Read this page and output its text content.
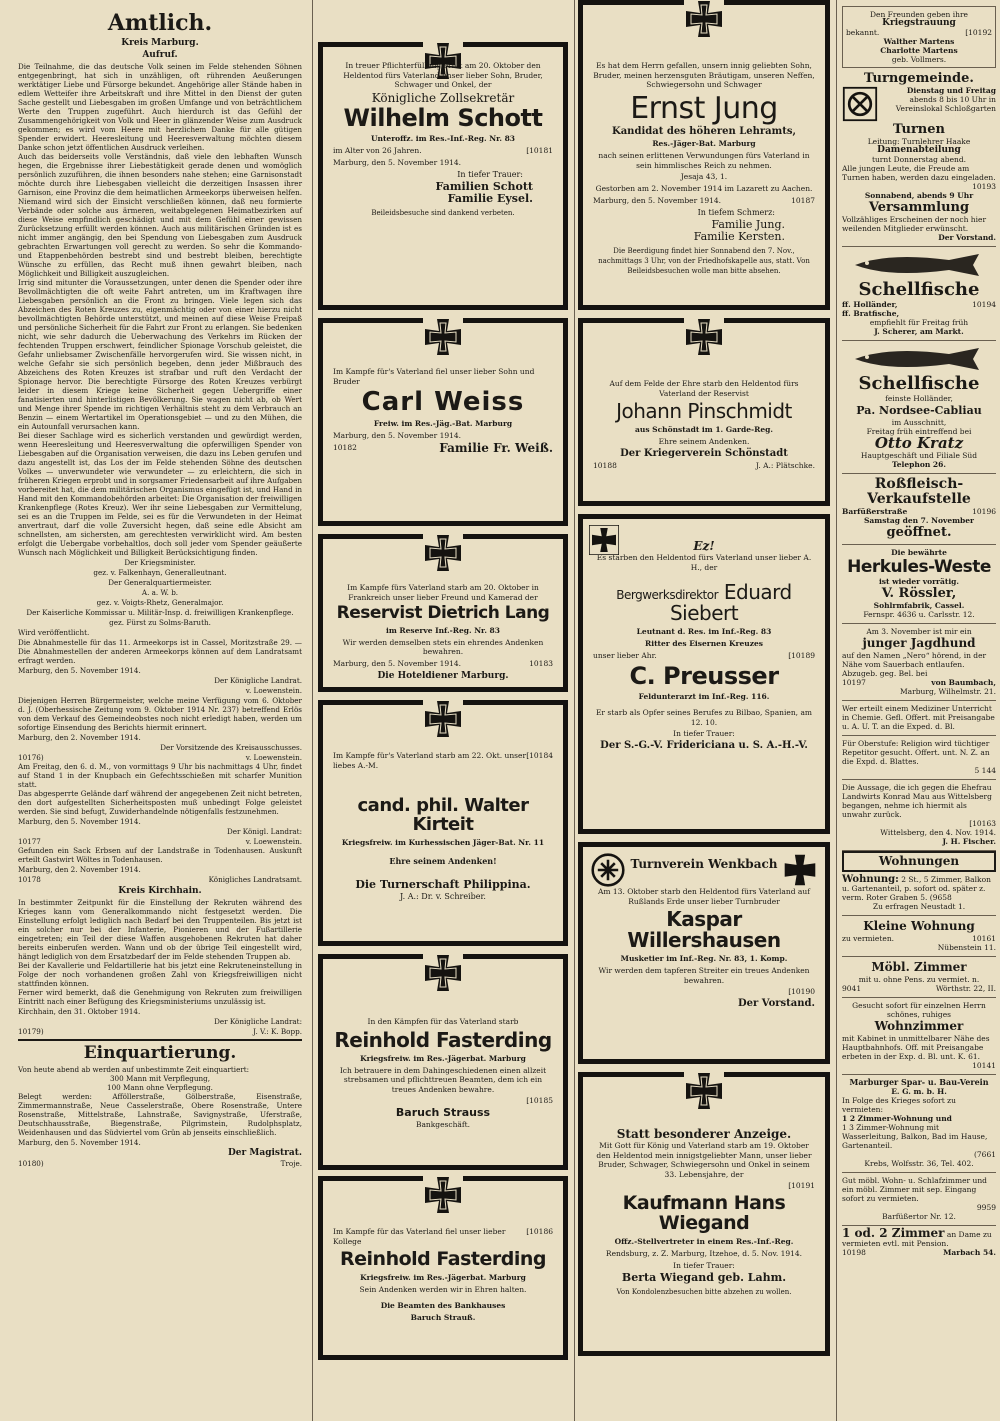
Amtlich.
Kreis Marburg.
Aufruf.

Die Teilnahme, die das deutsche Volk seinen im Felde stehenden Söhnen entgegenbringt, hat sich in unzähligen, oft rührenden Aeußerungen werktätiger Liebe und Fürsorge bekundet. Angehörige aller Stände haben in edlem Wetteifer ihre Arbeitskraft und ihre Mittel in den Dienst der guten Sache gestellt und Liebesgaben im großen Umfange und von beträchtlichem Werte den Truppen zugeführt. Auch hierdurch ist das Gefühl der Zusammengehörigkeit von Volk und Heer in glänzender Weise zum Ausdruck gekommen; es wird vom Heere mit herzlichem Danke für alle gütigen Spender erwidert. Heeresleitung und Heeresverwaltung möchten diesem Danke schon jetzt öffentlichen Ausdruck verleihen.

Auch das beiderseits volle Verständnis, daß viele den lebhaften Wunsch hegen, die Ergebnisse ihrer Liebestätigkeit gerade denen und womöglich persönlich zuzuführen, die ihnen besonders nahe stehen; eine Garnisonstadt möchte durch ihre Liebesgaben vielleicht die derzeitigen Insassen ihrer Garnison, eine Provinz die dem heimatlichen Armeekorps überweisen helfen. Niemand wird sich der Einsicht verschließen können, daß neu formierte Verbände oder solche aus ärmeren, weitabgelegenen Heimatbezirken auf diese Weise empfindlich geschädigt und mit dem Gefühl einer gewissen Zurücksetzung erfüllt werden können. Auch aus militärischen Gründen ist es nicht immer angängig, den bei Spendung von Liebesgaben zum Ausdruck gebrachten Erwartungen voll gerecht zu werden. So sehr die Kommando- und Etappenbehörden bestrebt sind und bestrebt bleiben, berechtigte Wünsche zu erfüllen, das Recht muß ihnen gewahrt bleiben, nach Möglichkeit und Billigkeit auszugleichen.

Irrig sind mitunter die Voraussetzungen, unter denen die Spender oder ihre Bevollmächtigten die oft weite Fahrt antreten, um im Kraftwagen ihre Liebesgaben persönlich an die Front zu bringen. Viele legen sich das Abzeichen des Roten Kreuzes zu, eigenmächtig oder von einer hierzu nicht bevollmächtigten Behörde unterstützt, und meinen auf diese Weise Freipaß und persönliche Sicherheit für die Fahrt zur Front zu erlangen. Sie bedenken nicht, wie sehr dadurch die Ueberwachung des Verkehrs im Rücken der fechtenden Truppen erschwert, feindlicher Spionage Vorschub geleistet, die Gefahr unliebsamer Zwischenfälle hervorgerufen wird. Sie wissen nicht, in welche Gefahr sie sich persönlich begeben, denn jeder Mißbrauch des Abzeichens des Roten Kreuzes ist strafbar und ruft den Verdacht der Spionage hervor. Die berechtigte Fürsorge des Roten Kreuzes verbürgt leider in diesem Kriege keine Sicherheit gegen Uebergriffe einer fanatisierten und hinterlistigen Bevölkerung. Sie wagen nicht ab, ob Wert und Menge ihrer Spende im richtigen Verhältnis steht zu dem Verbrauch an Benzin — einem Wertartikel im Operationsgebiet — und zu den Mühen, die ein Autounfall verursachen kann.

Bei dieser Sachlage wird es sicherlich verstanden und gewürdigt werden, wenn Heeresleitung und Heeresverwaltung die opferwilligen Spender von Liebesgaben auf die Organisation verweisen, die dazu ins Leben gerufen und dazu angestellt ist, das Los der im Felde stehenden Söhne des deutschen Volkes — unverwundeter wie verwundeter — zu erleichtern, die sich in früheren Kriegen erprobt und in sorgsamer Friedensarbeit auf ihre Aufgaben vorbereitet hat, die dem militärischen Organismus eingefügt ist, und Hand in Hand mit den Kommandobehörden arbeitet: Die Organisation der freiwilligen Krankenpflege (Rotes Kreuz). Wer ihr seine Liebesgaben zur Vermittelung, sei es an die Truppen im Felde, sei es für die Verwundeten in der Heimat anvertraut, darf die volle Zuversicht hegen, daß seine edle Absicht am schnellsten, am sichersten, am gerechtesten verwirklicht wird. Am besten erfolgt die Uebergabe vorbehaltlos, doch soll jeder vom Spender geäußerte Wunsch nach Möglichkeit und Billigkeit Berücksichtigung finden.

Der Kriegsminister.
gez. v. Falkenhayn, Generalleutnant.
Der Generalquartiermeister.
A. a. W. b.
gez. v. Voigts-Rhetz, Generalmajor.
Der Kaiserliche Kommissar u. Militär-Insp. d. freiwilligen Krankenpflege.
gez. Fürst zu Solms-Baruth.
Wird veröffentlicht.

Die Abnahmestelle für das 11. Armeekorps ist in Cassel, Moritzstraße 29. — Die Abnahmestellen der anderen Armeekorps können auf dem Landratsamt erfragt werden.

Marburg, den 5. November 1914.
Der Königliche Landrat.
v. Loewenstein.

Diejenigen Herren Bürgermeister, welche meine Verfügung vom 6. Oktober d. J. (Oberhessische Zeitung vom 9. Oktober 1914 Nr. 237) betreffend Erlös von dem Verkauf des Gemeindeobstes noch nicht erledigt haben, werden um sofortige Einsendung des Berichts hiermit erinnert.

Marburg, den 2. November 1914.
Der Vorsitzende des Kreisausschusses.
10176)	v. Loewenstein.

Am Freitag, den 6. d. M., von vormittags 9 Uhr bis nachmittags 4 Uhr, findet auf Stand 1 in der Knupbach ein Gefechtsschießen mit scharfer Munition statt.

Das abgesperrte Gelände darf während der angegebenen Zeit nicht betreten, den dort aufgestellten Sicherheitsposten muß unbedingt Folge geleistet werden. Sie sind befugt, Zuwiderhandelnde nötigenfalls festzunehmen.

Marburg, den 5. November 1914.
Der Königl. Landrat:
10177	v. Loewenstein.

Gefunden ein Sack Erbsen auf der Landstraße in Todenhausen. Auskunft erteilt Gastwirt Wöltes in Todenhausen.

Marburg, den 2. November 1914.
10178	Königliches Landratsamt.
Kreis Kirchhain.

In bestimmter Zeitpunkt für die Einstellung der Rekruten während des Krieges kann vom Generalkommando nicht festgesetzt werden. Die Einstellung erfolgt lediglich nach Bedarf bei den Truppenteilen. Bis jetzt ist ein solcher nur bei der Infanterie, Pionieren und der Fußartillerie eingetreten; ein Teil der diese Waffen ausgehobenen Rekruten hat daher bereits einberufen werden. Wann und ob der übrige Teil eingestellt wird, hängt lediglich von dem Ersatzbedarf der im Felde stehenden Truppen ab.

Bei der Kavallerie und Feldartillerie hat bis jetzt eine Rekruteneinstellung in Folge der noch vorhandenen großen Zahl von Kriegsfreiwilligen nicht stattfinden können.

Ferner wird bemerkt, daß die Genehmigung von Rekruten zum freiwilligen Eintritt nach einer Befügung des Kriegsministeriums unzulässig ist.

Kirchhain, den 31. Oktober 1914.
Der Königliche Landrat:
10179)	J. V.: K. Bopp.
Einquartierung.

Von heute abend ab werden auf unbestimmte Zeit einquartiert:

300 Mann mit Verpflegung,
100 Mann ohne Verpflegung.

Belegt werden: Afföllerstraße, Gölberstraße, Eisenstraße, Zimmermannstraße, Neue Casselerstraße, Obere Rosenstraße, Untere Rosenstraße, Mittelstraße, Lahnstraße, Savignystraße, Uferstraße, Deutschhausstraße, Biegenstraße, Pilgrimstein, Rudolphsplatz, Weidenhausen und das Südviertel vom Grün ab jenseits einschließlich.

Marburg, den 5. November 1914.
Der Magistrat.
10180)	Troje.
In treuer Pflichterfüllung erlitt am 20. Oktober den Heldentod fürs Vaterland unser lieber Sohn, Bruder, Schwager und Onkel, der
Königliche Zollsekretär
Wilhelm Schott
Unteroffz. im Res.-Inf.-Reg. Nr. 83
im Alter von 26 Jahren.	[10181
Marburg, den 5. November 1914.
In tiefer Trauer:
Familien Schott
Familie Eysel.
Beileidsbesuche sind dankend verbeten.
Im Kampfe für's Vaterland fiel unser lieber Sohn und Bruder
Carl Weiss
Freiw. im Res.-Jäg.-Bat. Marburg
Marburg, den 5. November 1914.
10182	Familie Fr. Weiß.
Im Kampfe fürs Vaterland starb am 20. Oktober in Frankreich unser lieber Freund und Kamerad der
Reservist Dietrich Lang
im Reserve Inf.-Reg. Nr. 83
Wir werden demselben stets ein ehrendes Andenken bewahren.
Marburg, den 5. November 1914.	10183
Die Hoteldiener Marburg.
Im Kampfe für's Vaterland starb am 22. Okt. unser liebes A.-M.
[10184
cand. phil. Walter Kirteit
Kriegsfreiw. im Kurhessischen Jäger-Bat. Nr. 11
Ehre seinem Andenken!
Die Turnerschaft Philippina.
J. A.: Dr. v. Schreiber.
In den Kämpfen für das Vaterland starb
Reinhold Fasterding
Kriegsfreiw. im Res.-Jägerbat. Marburg
Ich betrauere in dem Dahingeschiedenen einen allzeit strebsamen und pflichttreuen Beamten, dem ich ein treues Andenken bewahre.
[10185
Baruch Strauss
Bankgeschäft.
Im Kampfe für das Vaterland fiel unser lieber Kollege
[10186
Reinhold Fasterding
Kriegsfreiw. im Res.-Jägerbat. Marburg
Sein Andenken werden wir in Ehren halten.
Die Beamten des Bankhauses
Baruch Strauß.
Es hat dem Herrn gefallen, unsern innig geliebten Sohn, Bruder, meinen herzensguten Bräutigam, unseren Neffen, Schwiegersohn und Schwager
Ernst Jung
Kandidat des höheren Lehramts,
Res.-Jäger-Bat. Marburg
nach seinen erlittenen Verwundungen fürs Vaterland in sein himmlisches Reich zu nehmen.
Jesaja 43, 1.
Gestorben am 2. November 1914 im Lazarett zu Aachen.
Marburg, den 5. November 1914.	10187
In tiefem Schmerz:
Familie Jung.
Familie Kersten.
Die Beerdigung findet hier Sonnabend den 7. Nov., nachmittags 3 Uhr, von der Friedhofskapelle aus, statt. Von Beileidsbesuchen wolle man bitte absehen.
Auf dem Felde der Ehre starb den Heldentod fürs Vaterland der Reservist
Johann Pinschmidt
aus Schönstadt im 1. Garde-Reg.
Ehre seinem Andenken.
Der Kriegerverein Schönstadt
10188	J. A.: Plätschke.
Ez!
Es starben den Heldentod fürs Vaterland unser lieber A. H., der
Bergwerksdirektor Eduard Siebert
Leutnant d. Res. im Inf.-Reg. 83
Ritter des Eisernen Kreuzes
unser lieber Ahr.	[10189
C. Preusser
Feldunterarzt im Inf.-Reg. 116.
Er starb als Opfer seines Berufes zu Bilbao, Spanien, am 12. 10.
In tiefer Trauer:
Der S.-G.-V. Fridericiana u. S. A.-H.-V.
Turnverein Wenkbach
Am 13. Oktober starb den Heldentod fürs Vaterland auf Rußlands Erde unser lieber Turnbruder
Kaspar Willershausen
Musketier im Inf.-Reg. Nr. 83, 1. Komp.
Wir werden dem tapferen Streiter ein treues Andenken bewahren.
[10190
Der Vorstand.
Statt besonderer Anzeige.
Mit Gott für König und Vaterland starb am 19. Oktober den Heldentod mein innigstgeliebter Mann, unser lieber Bruder, Schwager, Schwiegersohn und Onkel in seinem 33. Lebensjahre, der
[10191
Kaufmann Hans Wiegand
Offz.-Stellvertreter in einem Res.-Inf.-Reg.
Rendsburg, z. Z. Marburg, Itzehoe, d. 5. Nov. 1914.
In tiefer Trauer:
Berta Wiegand geb. Lahm.
Von Kondolenzbesuchen bitte abzehen zu wollen.
Den Freunden geben ihre
Kriegstrauung
bekannt.	[10192
Walther Martens
Charlotte Martens
geb. Vollmers.
Turngemeinde.
Dienstag und Freitag
abends 8 bis 10 Uhr in Vereinslokal Schloßgarten
Turnen
Leitung: Turnlehrer Haake
Damenabteilung
turnt Donnerstag abend.
Alle jungen Leute, die Freude am Turnen haben, werden dazu eingeladen.
10193
Sonnabend, abends 9 Uhr
Versammlung
Vollzähliges Erscheinen der noch hier weilenden Mitglieder erwünscht.
Der Vorstand.
Schellfische
ff. Holländer,	10194
ff. Bratfische,
empfiehlt für Freitag früh
J. Scherer, am Markt.
Schellfische
feinste Holländer,
Pa. Nordsee-Cabliau
im Ausschnitt,
Freitag früh eintreffend bei
Otto Kratz
Hauptgeschäft und Filiale Süd
Telephon 26.
Roßfleisch-Verkaufstelle
Barfüßerstraße	10196
Samstag den 7. November
geöffnet.
Die bewährte
Herkules-Weste
ist wieder vorrätig.
V. Rössler,
Sohlrmfabrik, Cassel.
Fernspr. 4636 u. Carlsstr. 12.
Am 3. November ist mir ein
junger Jagdhund
auf den Namen „Nero“ hörend, in der Nähe vom Sauerbach entlaufen. Abzugeb. geg. Bel. bei
10197	von Baumbach,
Marburg, Wilhelmstr. 21.
Wer erteilt einem Mediziner Unterricht in Chemie. Gefl. Offert. mit Preisangabe u. A. U. T. an die Exped. d. Bl.
Für Oberstufe: Religion wird tüchtiger Repetitor gesucht. Offert. unt. N. Z. an die Expd. d. Blattes.
5 144
Die Aussage, die ich gegen die Ehefrau Landwirts Konrad Mau aus Wittelsberg begangen, nehme ich hiermit als unwahr zurück.
[10163
Wittelsberg, den 4. Nov. 1914.
J. H. Fischer.
Wohnungen
Wohnung: 2 St., 5 Zimmer, Balkon u. Gartenanteil, p. sofort od. später z. verm. Roter Graben 5. (9658
Zu erfragen Neustadt 1.
Kleine Wohnung
zu vermieten.	10161
Nübenstein 11.
Möbl. Zimmer
mit u. ohne Pens. zu vermiet. n.
9041	Wörthstr. 22, II.
Gesucht sofort für einzelnen Herrn schönes, ruhiges
Wohnzimmer
mit Kabinet in unmittelbarer Nähe des Hauptbahnhofs. Off. mit Preisangabe erbeten in der Exp. d. Bl. unt. K. 61.
10141
Marburger Spar- u. Bau-Verein
E. G. m. b. H.
In Folge des Krieges sofort zu vermieten:
1 2 Zimmer-Wohnung und
1 3 Zimmer-Wohnung mit Wasserleitung, Balkon, Bad im Hause, Gartenanteil.
(7661
Krebs, Wolfsstr. 36, Tel. 402.
Gut möbl. Wohn- u. Schlafzimmer und ein möbl. Zimmer mit sep. Eingang sofort zu vermieten.
9959
Barfüßertor Nr. 12.
1 od. 2 Zimmer an Dame zu vermieten evtl. mit Pension.
10198	Marbach 54.
